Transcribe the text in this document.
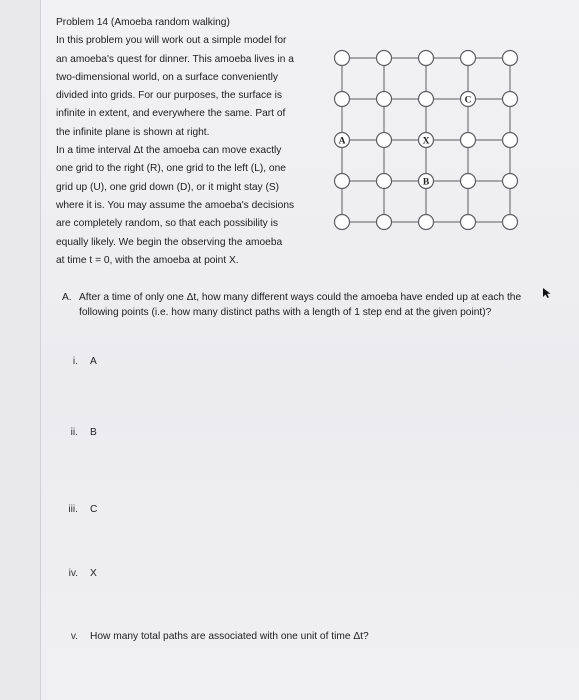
Problem 14 (Amoeba random walking)
In this problem you will work out a simple model for
an amoeba's quest for dinner. This amoeba lives in a
two-dimensional world, on a surface conveniently
divided into grids. For our purposes, the surface is
infinite in extent, and everywhere the same. Part of
the infinite plane is shown at right.
In a time interval Δt the amoeba can move exactly
one grid to the right (R), one grid to the left (L), one
grid up (U), one grid down (D), or it might stay (S)
where it is. You may assume the amoeba's decisions
are completely random, so that each possibility is
equally likely. We begin the observing the amoeba
at time t = 0, with the amoeba at point X.
C
A	X
B
A. After a time of only one Δt, how many different ways could the amoeba have ended up at each the following points (i.e. how many distinct paths with a length of 1 step end at the given point)?
i. A
ii. B
iii. C
iv. X
v. How many total paths are associated with one unit of time Δt?
